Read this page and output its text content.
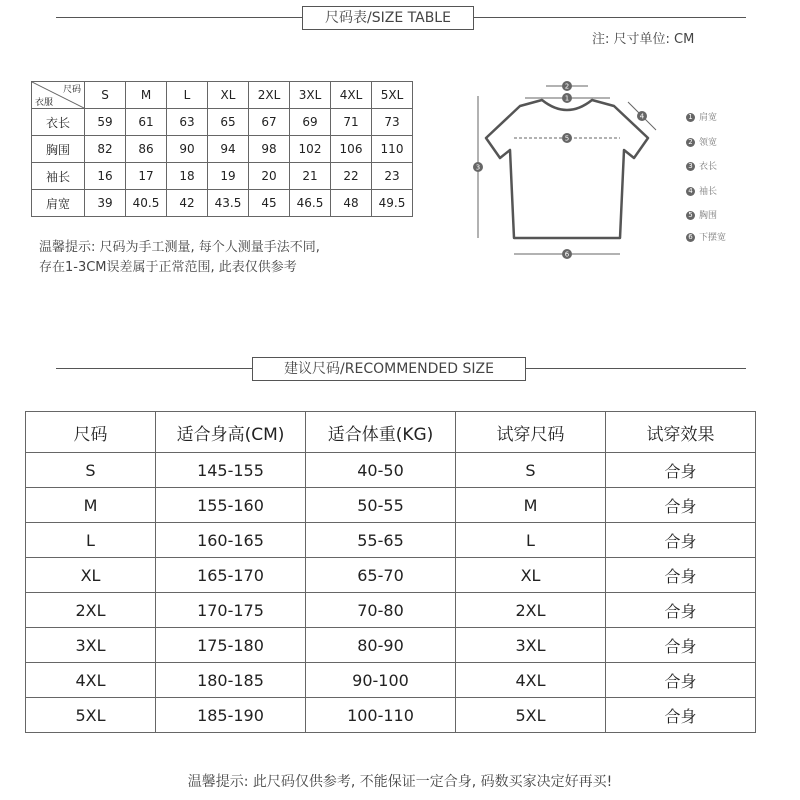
尺码表/SIZE TABLE
注: 尺寸单位: CM
尺码
衣服	S	M	L	XL	2XL	3XL	4XL	5XL
衣长	59	61	63	65	67	69	71	73
胸围	82	86	90	94	98	102	106	110
袖长	16	17	18	19	20	21	22	23
肩宽	39	40.5	42	43.5	45	46.5	48	49.5
温馨提示: 尺码为手工测量, 每个人测量手法不同,
存在1-3CM误差属于正常范围, 此表仅供参考
2
1
3
4
5
6
1 肩宽
2 领宽
3 衣长
4 袖长
5 胸围
6 下摆宽
建议尺码/RECOMMENDED SIZE
尺码	适合身高(CM)	适合体重(KG)	试穿尺码	试穿效果
S	145-155	40-50	S	合身
M	155-160	50-55	M	合身
L	160-165	55-65	L	合身
XL	165-170	65-70	XL	合身
2XL	170-175	70-80	2XL	合身
3XL	175-180	80-90	3XL	合身
4XL	180-185	90-100	4XL	合身
5XL	185-190	100-110	5XL	合身
温馨提示: 此尺码仅供参考, 不能保证一定合身, 码数买家决定好再买!
